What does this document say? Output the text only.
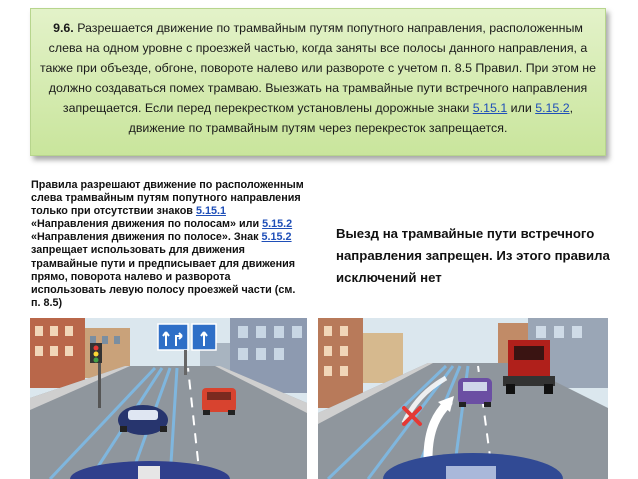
9.6. Разрешается движение по трамвайным путям попутного направления, расположенным слева на одном уровне с проезжей частью, когда заняты все полосы данного направления, а также при объезде, обгоне, повороте налево или развороте с учетом п. 8.5 Правил. При этом не должно создаваться помех трамваю. Выезжать на трамвайные пути встречного направления запрещается. Если перед перекрестком установлены дорожные знаки 5.15.1 или 5.15.2, движение по трамвайным путям через перекресток запрещается.
Правила разрешают движение по расположенным слева трамвайным путям попутного направления только при отсутствии знаков 5.15.1 «Направления движения по полосам» или 5.15.2 «Направления движения по полосе». Знак 5.15.2 запрещает использовать для движения трамвайные пути и предписывает для движения прямо, поворота налево и разворота использовать левую полосу проезжей части (см. п. 8.5)
Выезд на трамвайные пути встречного направления запрещен. Из этого правила исключений нет
